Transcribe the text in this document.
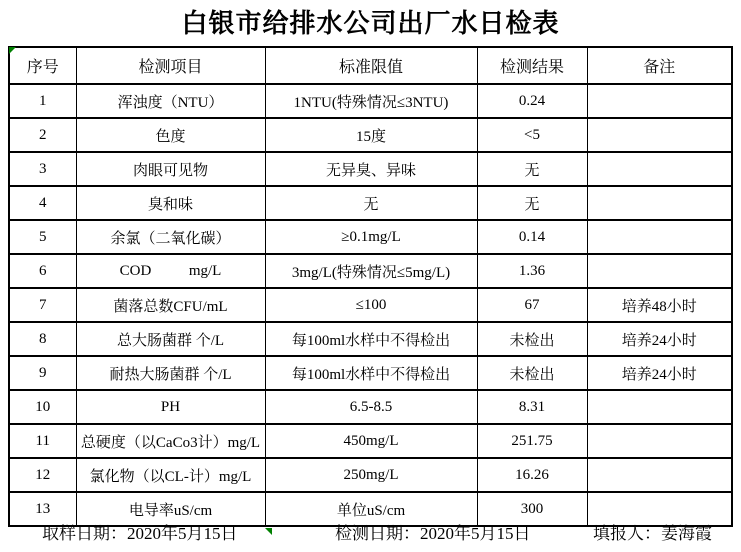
白银市给排水公司出厂水日检表
序号	检测项目	标准限值	检测结果	备注
1	浑浊度（NTU）	1NTU(特殊情况≤3NTU)	0.24	
2	色度	15度	<5	
3	肉眼可见物	无异臭、异味	无	
4	臭和味	无	无	
5	余氯（二氧化碳）	≥0.1mg/L	0.14	
6	COD          mg/L	3mg/L(特殊情况≤5mg/L)	1.36	
7	菌落总数CFU/mL	≤100	67	培养48小时
8	总大肠菌群 个/L	每100ml水样中不得检出	未检出	培养24小时
9	耐热大肠菌群 个/L	每100ml水样中不得检出	未检出	培养24小时
10	PH	6.5-8.5	8.31	
11	总硬度（以CaCo3计）mg/L	450mg/L	251.75	
12	氯化物（以CL-计）mg/L	250mg/L	16.26	
13	电导率uS/cm	单位uS/cm	300	
取样日期：2020年5月15日	检测日期：2020年5月15日	填报人：姜海霞
